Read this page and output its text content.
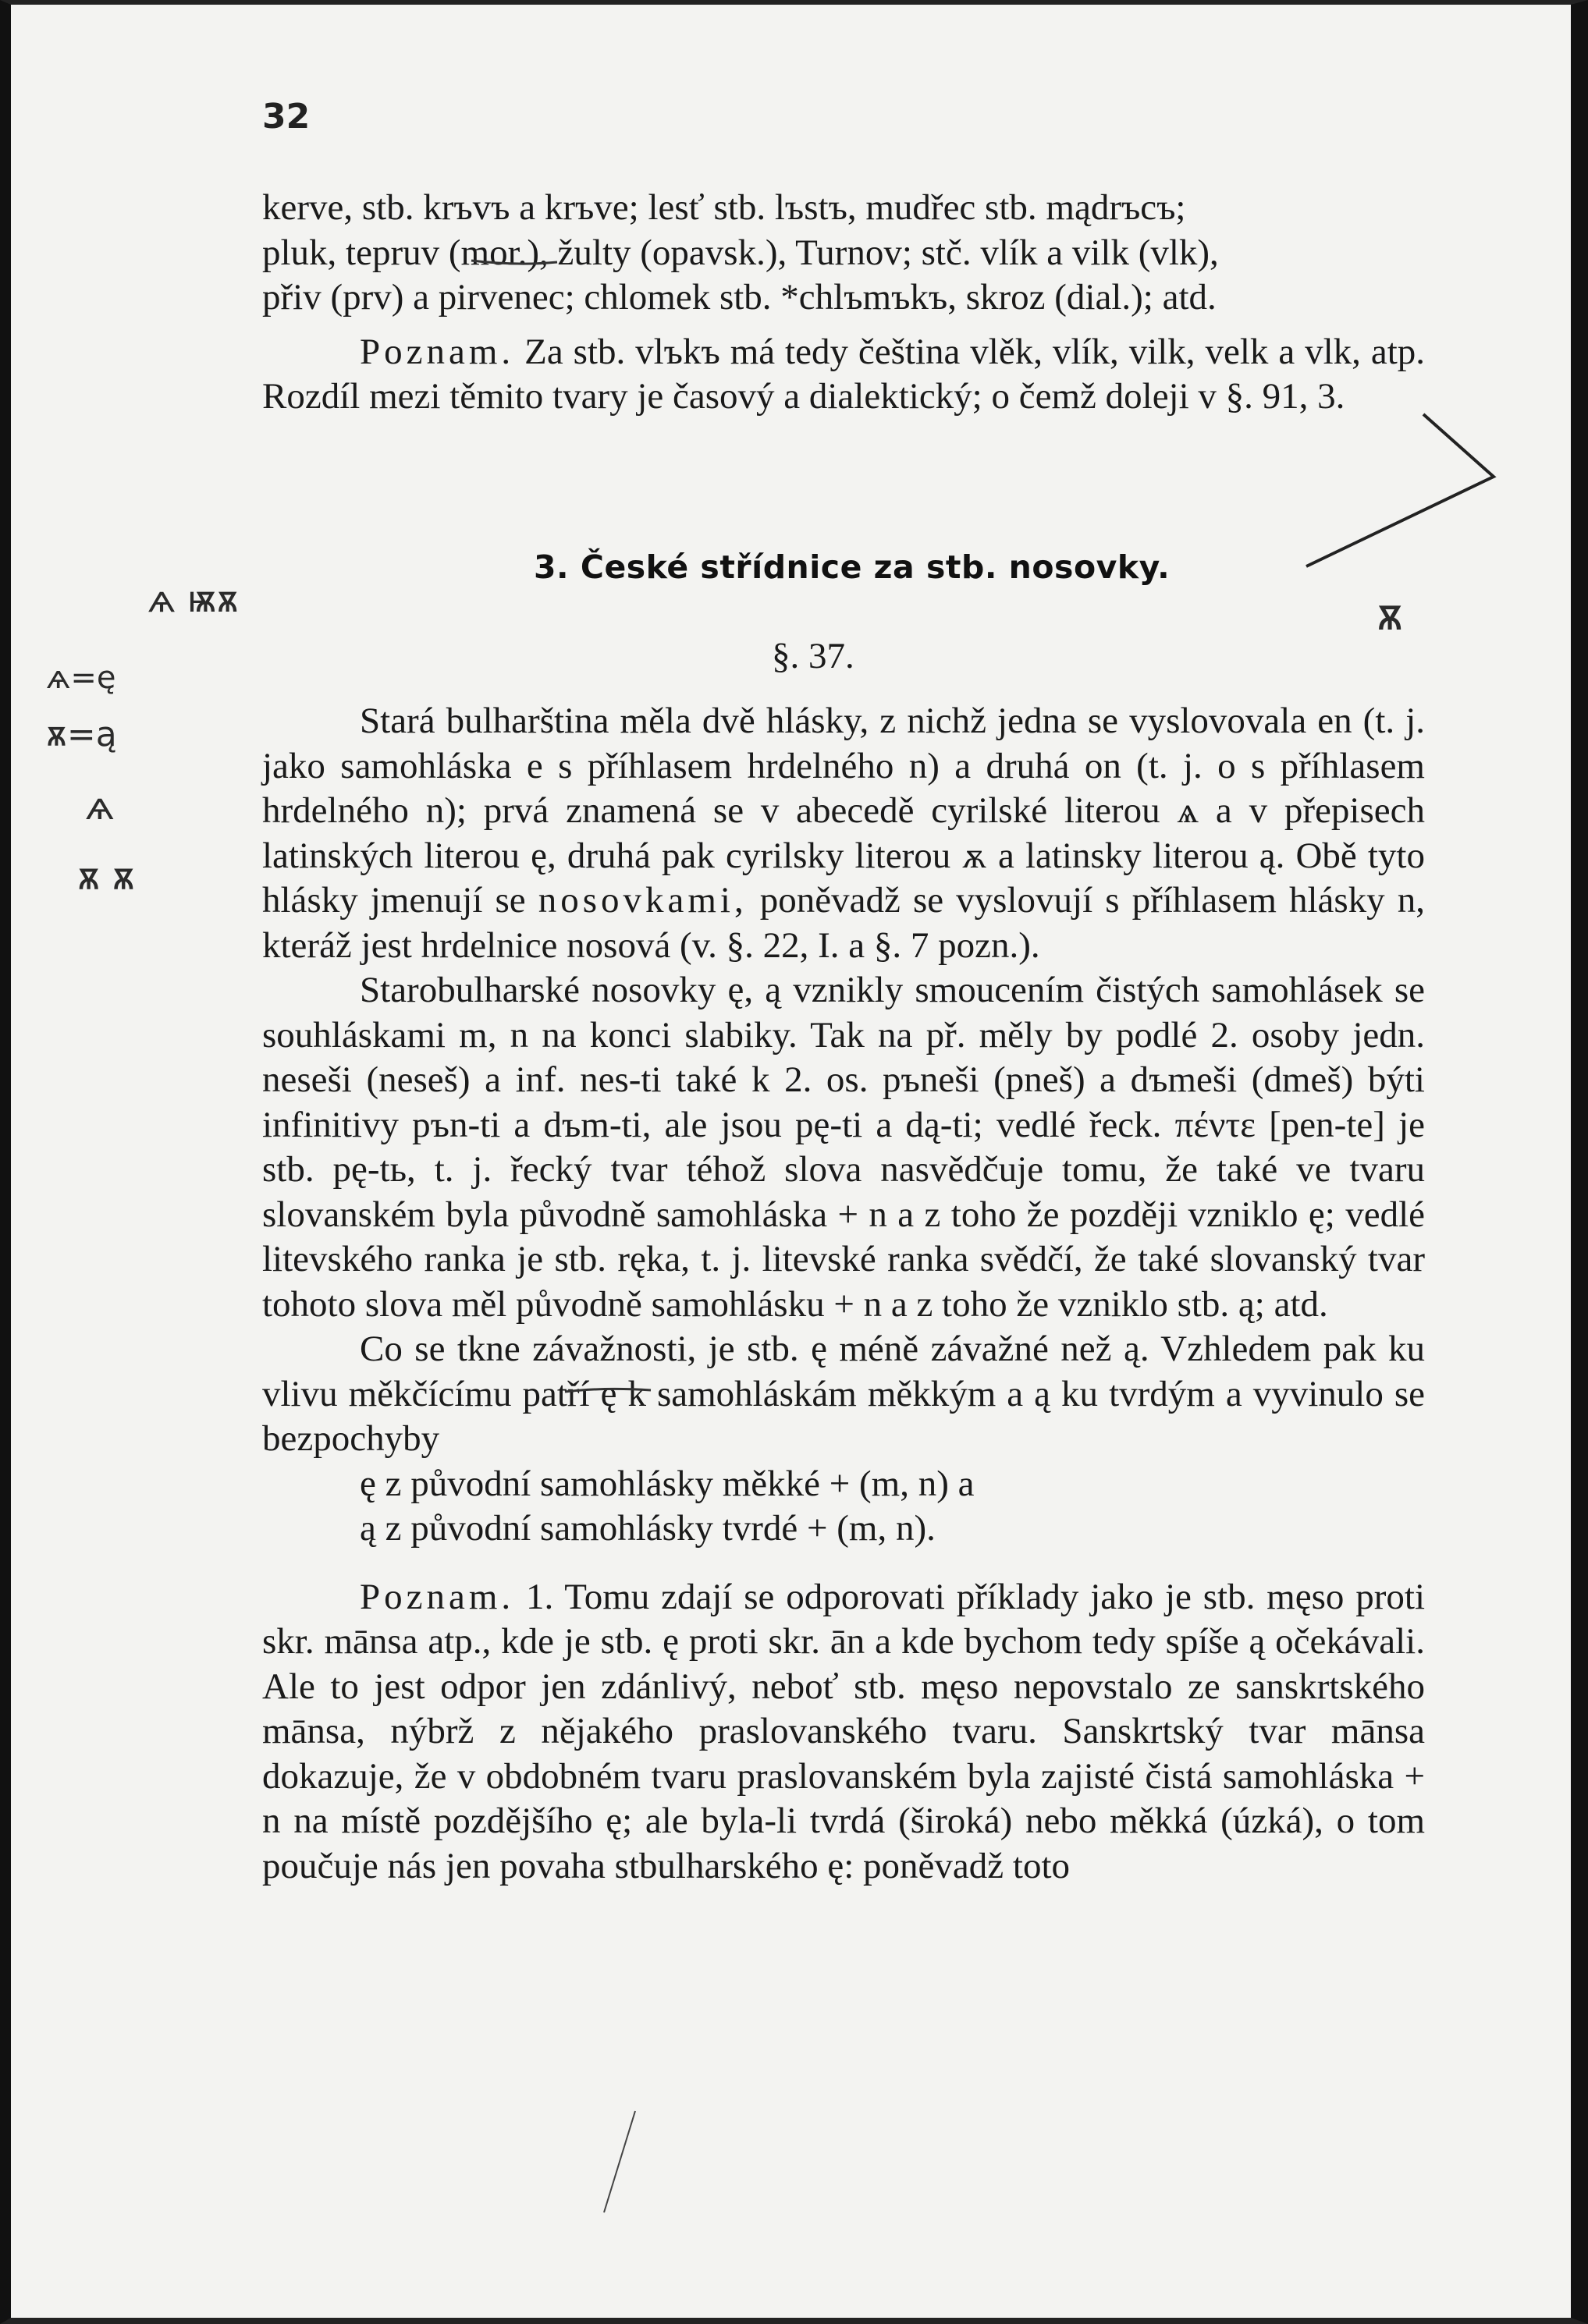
32

kerve, stb. krъvъ a krъve; lesť stb. lъstъ, mudřec stb. mądrъcъ;

pluk, tepruv (mor.), žulty (opavsk.), Turnov; stč. vlík a vilk (vlk),

přiv (prv) a pirvenec; chlomek stb. *chlъmъkъ, skroz (dial.); atd.

Poznam. Za stb. vlъkъ má tedy čeština vlěk, vlík, vilk, velk a vlk, atp. Rozdíl mezi těmito tvary je časový a dialektický; o čemž doleji v §. 91, 3.

3. České střídnice za stb. nosovky.
§. 37.

Stará bulharština měla dvě hlásky, z nichž jedna se vyslovovala en (t. j. jako samohláska e s příhlasem hrdelného n) a druhá on (t. j. o s příhlasem hrdelného n); prvá znamená se v abecedě cyrilské literou ѧ a v přepisech latinských literou ę, druhá pak cyrilsky literou ѫ a latinsky literou ą. Obě tyto hlásky jmenují se nosovkami, poněvadž se vyslovují s příhlasem hlásky n, kteráž jest hrdelnice nosová (v. §. 22, I. a §. 7 pozn.).

Starobulharské nosovky ę, ą vznikly smoucením čistých samohlásek se souhláskami m, n na konci slabiky. Tak na př. měly by podlé 2. osoby jedn. neseši (neseš) a inf. nes-ti také k 2. os. pъneši (pneš) a dъmeši (dmeš) býti infinitivy pъn-ti a dъm-ti, ale jsou pę-ti a dą-ti; vedlé řeck. πέντε [pen-te] je stb. pę-tь, t. j. řecký tvar téhož slova nasvědčuje tomu, že také ve tvaru slovanském byla původně samohláska + n a z toho že později vzniklo ę; vedlé litevského ranka je stb. ręka, t. j. litevské ranka svědčí, že také slovanský tvar tohoto slova měl původně samohlásku + n a z toho že vzniklo stb. ą; atd.

Co se tkne závažnosti, je stb. ę méně závažné než ą. Vzhledem pak ku vlivu měkčícímu patří ę k samohláskám měkkým a ą ku tvrdým a vyvinulo se bezpochyby

ę z původní samohlásky měkké + (m, n) a

ą z původní samohlásky tvrdé + (m, n).

Poznam. 1. Tomu zdají se odporovati příklady jako je stb. męso proti skr. mānsa atp., kde je stb. ę proti skr. ān a kde bychom tedy spíše ą očekávali. Ale to jest odpor jen zdánlivý, neboť stb. męso nepovstalo ze sanskrtského mānsa, nýbrž z nějakého praslovanského tvaru. Sanskrtský tvar mānsa dokazuje, že v obdobném tvaru praslovanském byla zajisté čistá samohláska + n na místě pozdějšího ę; ale byla-li tvrdá (široká) nebo měkká (úzká), o tom poučuje nás jen povaha stbulharského ę: poněvadž toto

ѧ ѭѫ
ѧ=ę
ѫ=ą
ѧ
ѫ ѫ
ѫ
